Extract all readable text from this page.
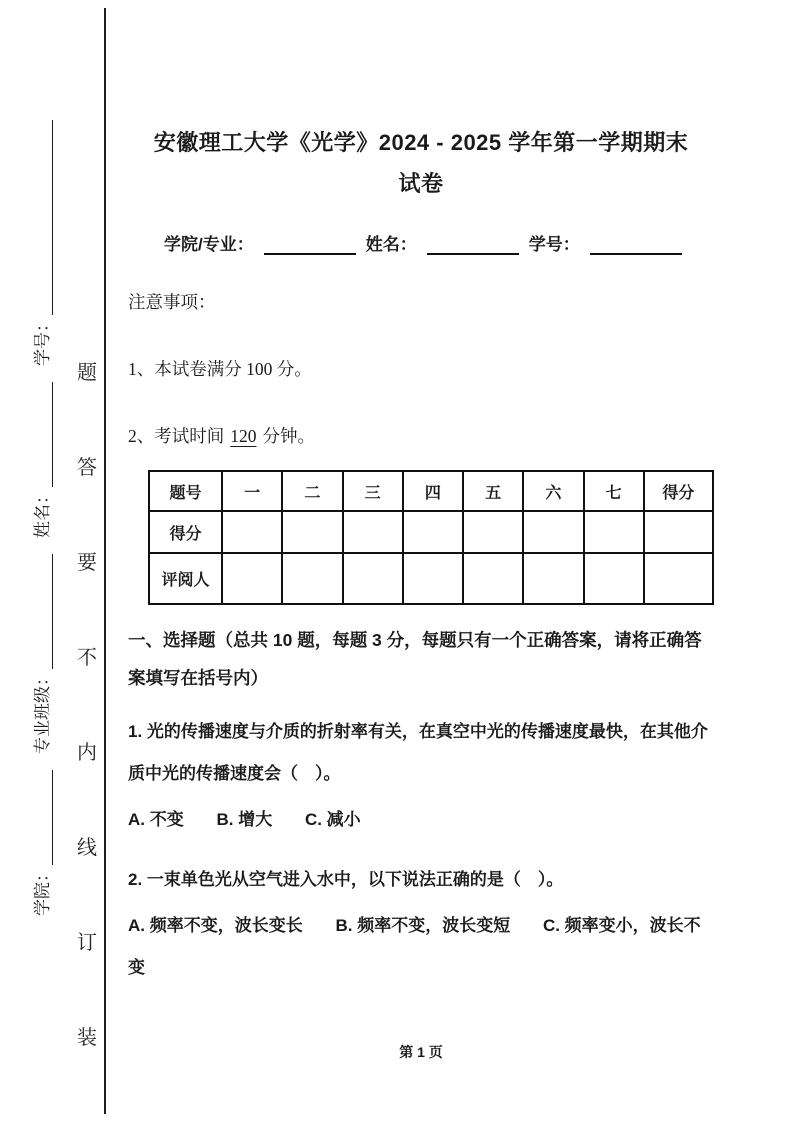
学院：
专业班级：
姓名：
学号：
题
答
要
不
内
线
订
装
安徽理工大学《光学》2024 - 2025 学年第一学期期末
试卷
学院/专业：	姓名：	学号：
注意事项：
1、本试卷满分 100 分。
2、考试时间 120 分钟。
题号	一	二	三	四	五	六	七	得分
得分								
评阅人								
一、选择题（总共 10 题，每题 3 分，每题只有一个正确答案，请将正确答案填写在括号内）
1. 光的传播速度与介质的折射率有关，在真空中光的传播速度最快，在其他介质中光的传播速度会（　）。
A. 不变 B. 增大 C. 减小
2. 一束单色光从空气进入水中，以下说法正确的是（　）。
A. 频率不变，波长变长 B. 频率不变，波长变短 C. 频率变小，波长不变
第 1 页
